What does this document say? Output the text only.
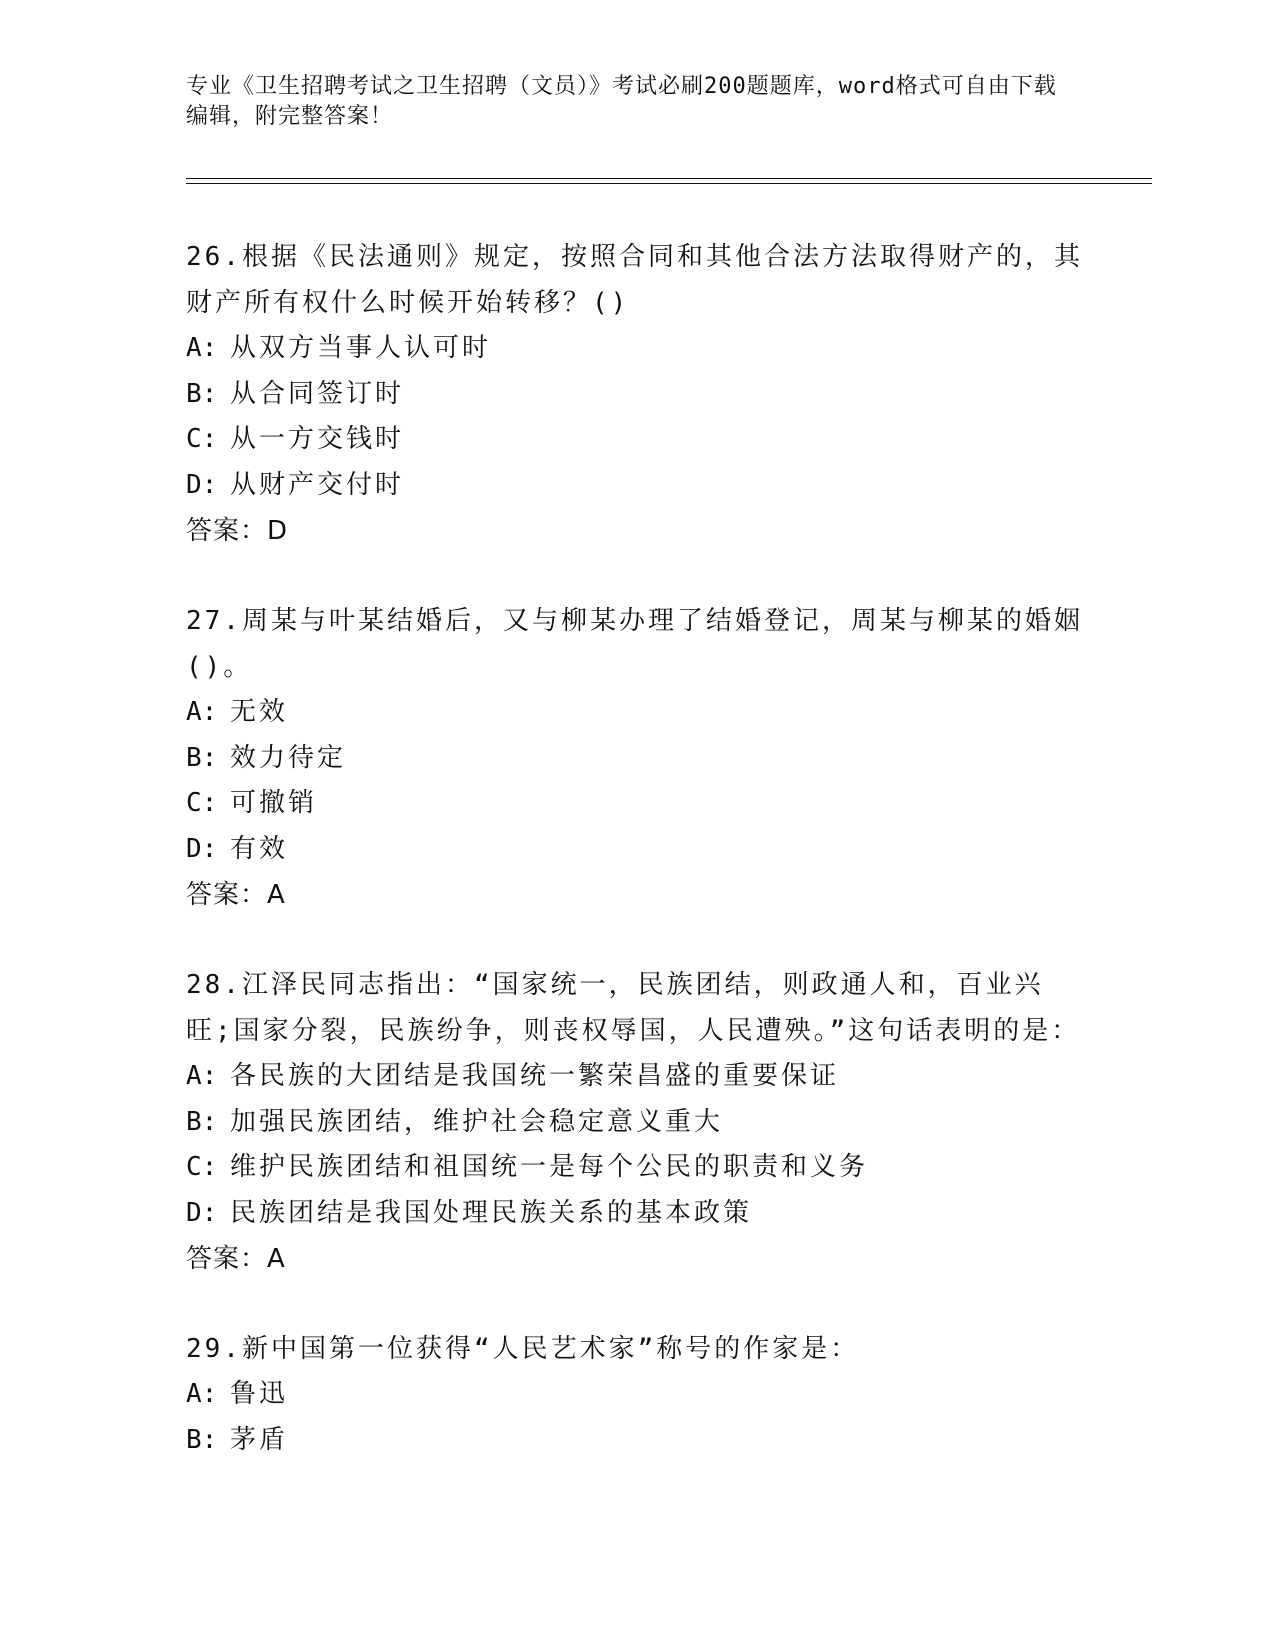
专业《卫生招聘考试之卫生招聘（文员）》考试必刷200题题库，word格式可自由下载编辑，附完整答案！
26.根据《民法通则》规定，按照合同和其他合法方法取得财产的，其财产所有权什么时候开始转移？()
A: 从双方当事人认可时
B: 从合同签订时
C: 从一方交钱时
D: 从财产交付时
答案：D
27.周某与叶某结婚后，又与柳某办理了结婚登记，周某与柳某的婚姻()。
A: 无效
B: 效力待定
C: 可撤销
D: 有效
答案：A
28.江泽民同志指出：“国家统一，民族团结，则政通人和，百业兴旺;国家分裂，民族纷争，则丧权辱国，人民遭殃。”这句话表明的是：
A: 各民族的大团结是我国统一繁荣昌盛的重要保证
B: 加强民族团结，维护社会稳定意义重大
C: 维护民族团结和祖国统一是每个公民的职责和义务
D: 民族团结是我国处理民族关系的基本政策
答案：A
29.新中国第一位获得“人民艺术家”称号的作家是：
A: 鲁迅
B: 茅盾
